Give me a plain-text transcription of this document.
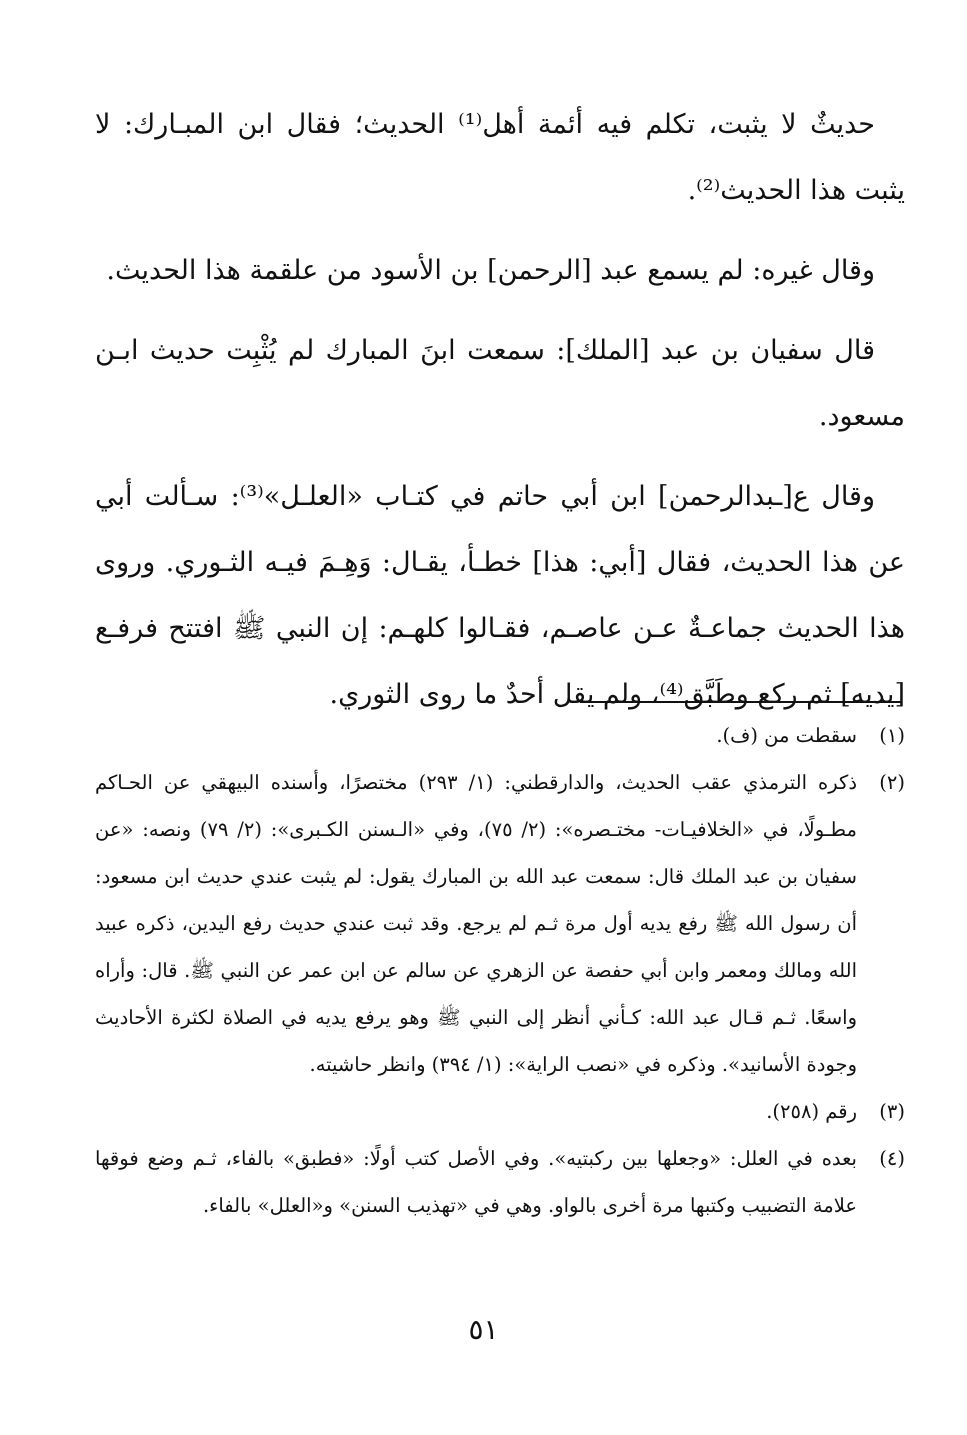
حديثٌ لا يثبت، تكلم فيه أئمة أهل⁽¹⁾ الحديث؛ فقال ابن المبـارك: لا يثبت هذا الحديث⁽²⁾.

وقال غيره: لم يسمع عبد [الرحمن] بن الأسود من علقمة هذا الحديث.

قال سفيان بن عبد [الملك]: سمعت ابنَ المبارك لم يُثْبِت حديث ابـن مسعود.

وقال ع[ـبدالرحمن] ابن أبي حاتم في كتـاب «العلـل»⁽³⁾: سـألت أبي عن هذا الحديث، فقال [أبي: هذا] خطـأ، يقـال: وَهِـمَ فيـه الثـوري. وروى هذا الحديث جماعـةٌ عـن عاصـم، فقـالوا كلهـم: إن النبي ﷺ افتتح فرفـع [يديه] ثم ركع وطَبَّق⁽⁴⁾، ولم يقل أحدٌ ما روى الثوري.

(١)
سقطت من (ف).
(٢)
ذكره الترمذي عقب الحديث، والدارقطني: (١/ ٢٩٣) مختصرًا، وأسنده البيهقي عن الحـاكم مطـولًا، في «الخلافيـات- مختـصره»: (٢/ ٧٥)، وفي «الـسنن الكـبرى»: (٢/ ٧٩) ونصه: «عن سفيان بن عبد الملك قال: سمعت عبد الله بن المبارك يقول: لم يثبت عندي حديث ابن مسعود: أن رسول الله ﷺ رفع يديه أول مرة ثـم لم يرجع. وقد ثبت عندي حديث رفع اليدين، ذكره عبيد الله ومالك ومعمر وابن أبي حفصة عن الزهري عن سالم عن ابن عمر عن النبي ﷺ. قال: وأراه واسعًا. ثـم قـال عبد الله: كـأني أنظر إلى النبي ﷺ وهو يرفع يديه في الصلاة لكثرة الأحاديث وجودة الأسانيد». وذكره في «نصب الراية»: (١/ ٣٩٤) وانظر حاشيته.
(٣)
رقم (٢٥٨).
(٤)
بعده في العلل: «وجعلها بين ركبتيه». وفي الأصل كتب أولًا: «فطبق» بالفاء، ثـم وضع فوقها علامة التضبيب وكتبها مرة أخرى بالواو. وهي في «تهذيب السنن» و«العلل» بالفاء.
٥١
